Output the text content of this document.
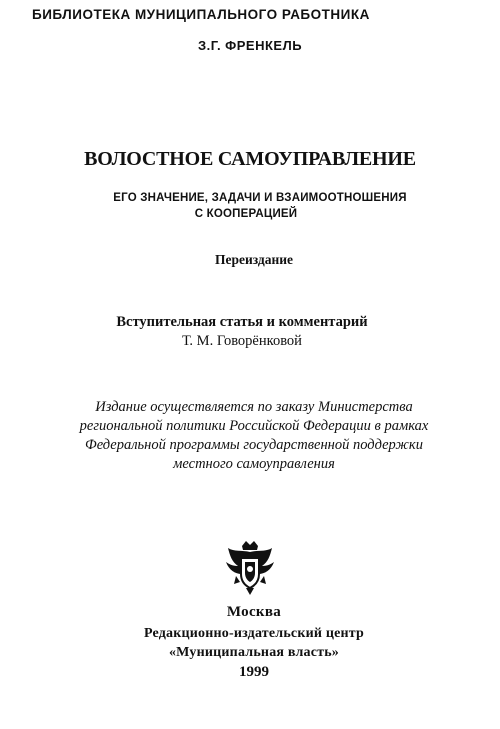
БИБЛИОТЕКА МУНИЦИПАЛЬНОГО РАБОТНИКА
З.Г. ФРЕНКЕЛЬ
ВОЛОСТНОЕ САМОУПРАВЛЕНИЕ
ЕГО ЗНАЧЕНИЕ, ЗАДАЧИ И ВЗАИМООТНОШЕНИЯ
С КООПЕРАЦИЕЙ
Переиздание
Вступительная статья и комментарий
Т. М. Говорёнковой
Издание осуществляется по заказу Министерства
региональной политики Российской Федерации в рамках
Федеральной программы государственной поддержки
местного самоуправления
Москва
Редакционно-издательский центр
«Муниципальная власть»
1999
